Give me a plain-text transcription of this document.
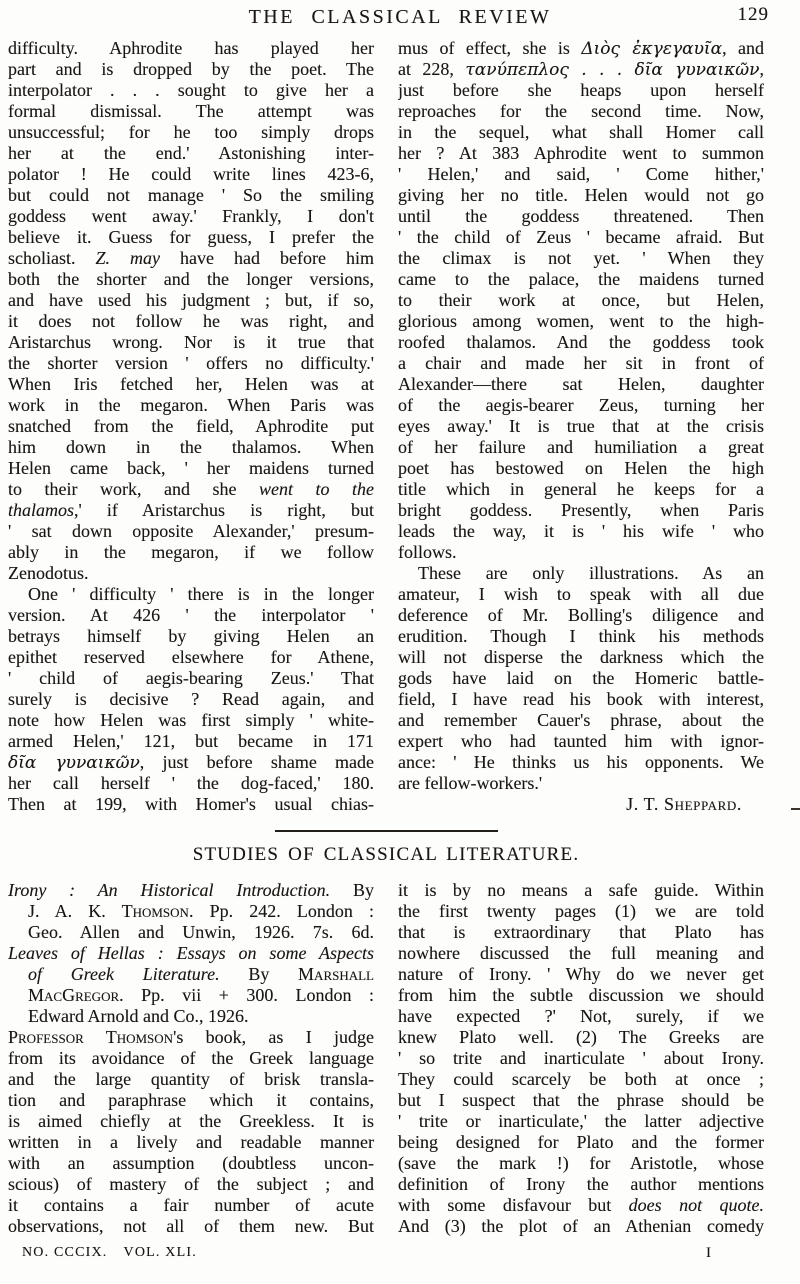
THE CLASSICAL REVIEW	129
difficulty. Aphrodite has played her
part and is dropped by the poet. The
interpolator . . . sought to give her a
formal dismissal. The attempt was
unsuccessful; for he too simply drops
her at the end.' Astonishing inter-
polator ! He could write lines 423-6,
but could not manage ' So the smiling
goddess went away.' Frankly, I don't
believe it. Guess for guess, I prefer the
scholiast. Z. may have had before him
both the shorter and the longer versions,
and have used his judgment ; but, if so,
it does not follow he was right, and
Aristarchus wrong. Nor is it true that
the shorter version ' offers no difficulty.'
When Iris fetched her, Helen was at
work in the megaron. When Paris was
snatched from the field, Aphrodite put
him down in the thalamos. When
Helen came back, ' her maidens turned
to their work, and she went to the
thalamos,' if Aristarchus is right, but
' sat down opposite Alexander,' presum-
ably in the megaron, if we follow
Zenodotus.
One ' difficulty ' there is in the longer
version. At 426 ' the interpolator '
betrays himself by giving Helen an
epithet reserved elsewhere for Athene,
' child of aegis-bearing Zeus.' That
surely is decisive ? Read again, and
note how Helen was first simply ' white-
armed Helen,' 121, but became in 171
δῖα γυναικῶν, just before shame made
her call herself ' the dog-faced,' 180.
Then at 199, with Homer's usual chias-
mus of effect, she is Διὸς ἐκγεγαυῖα, and
at 228, τανύπεπλος . . . δῖα γυναικῶν,
just before she heaps upon herself
reproaches for the second time. Now,
in the sequel, what shall Homer call
her ? At 383 Aphrodite went to summon
' Helen,' and said, ' Come hither,'
giving her no title. Helen would not go
until the goddess threatened. Then
' the child of Zeus ' became afraid. But
the climax is not yet. ' When they
came to the palace, the maidens turned
to their work at once, but Helen,
glorious among women, went to the high-
roofed thalamos. And the goddess took
a chair and made her sit in front of
Alexander—there sat Helen, daughter
of the aegis-bearer Zeus, turning her
eyes away.' It is true that at the crisis
of her failure and humiliation a great
poet has bestowed on Helen the high
title which in general he keeps for a
bright goddess. Presently, when Paris
leads the way, it is ' his wife ' who
follows.
These are only illustrations. As an
amateur, I wish to speak with all due
deference of Mr. Bolling's diligence and
erudition. Though I think his methods
will not disperse the darkness which the
gods have laid on the Homeric battle-
field, I have read his book with interest,
and remember Cauer's phrase, about the
expert who had taunted him with ignor-
ance: ' He thinks us his opponents. We
are fellow-workers.'
J. T. Sheppard.
STUDIES OF CLASSICAL LITERATURE.
Irony : An Historical Introduction. By
J. A. K. Thomson. Pp. 242. London :
Geo. Allen and Unwin, 1926. 7s. 6d.
Leaves of Hellas : Essays on some Aspects
of Greek Literature. By Marshall
MacGregor. Pp. vii + 300. London :
Edward Arnold and Co., 1926.
Professor Thomson's book, as I judge
from its avoidance of the Greek language
and the large quantity of brisk transla-
tion and paraphrase which it contains,
is aimed chiefly at the Greekless. It is
written in a lively and readable manner
with an assumption (doubtless uncon-
scious) of mastery of the subject ; and
it contains a fair number of acute
observations, not all of them new. But
it is by no means a safe guide. Within
the first twenty pages (1) we are told
that is extraordinary that Plato has
nowhere discussed the full meaning and
nature of Irony. ' Why do we never get
from him the subtle discussion we should
have expected ?' Not, surely, if we
knew Plato well. (2) The Greeks are
' so trite and inarticulate ' about Irony.
They could scarcely be both at once ;
but I suspect that the phrase should be
' trite or inarticulate,' the latter adjective
being designed for Plato and the former
(save the mark !) for Aristotle, whose
definition of Irony the author mentions
with some disfavour but does not quote.
And (3) the plot of an Athenian comedy
NO. CCCIX. VOL. XLI.	I
